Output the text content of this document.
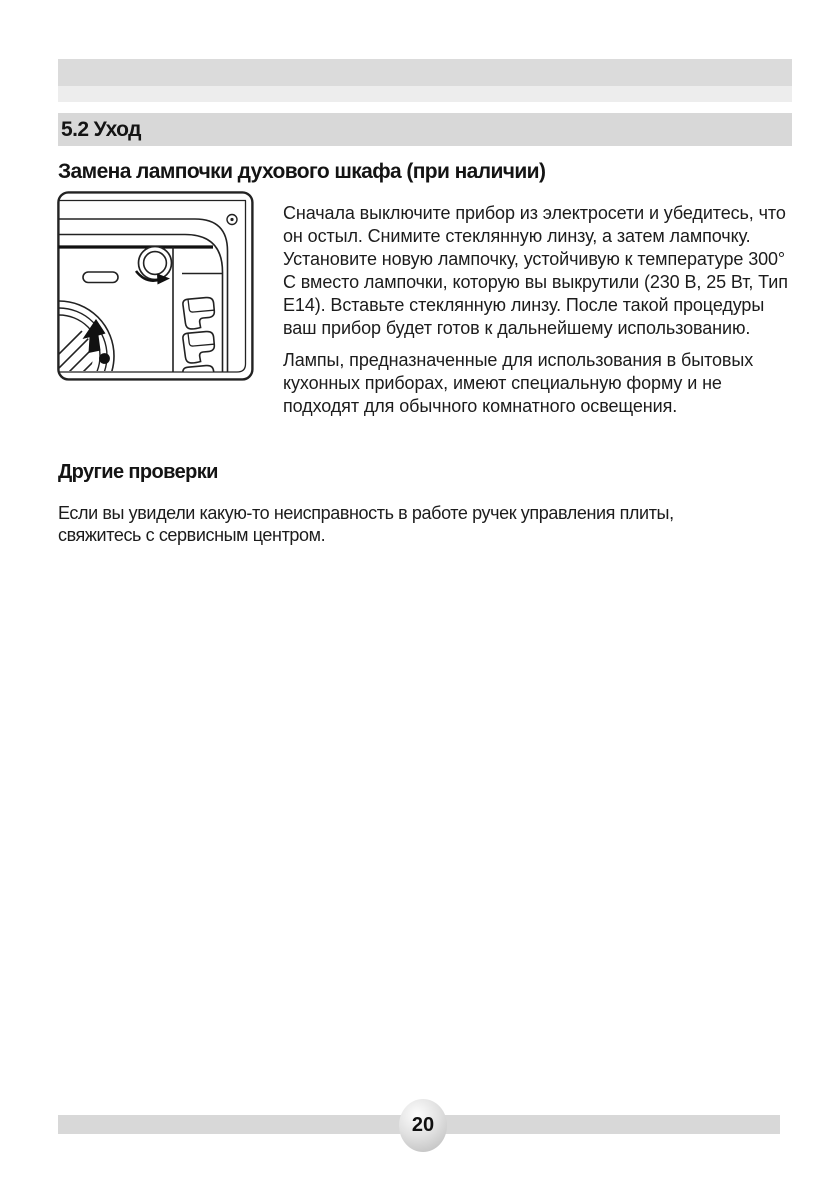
5.2 Уход
Замена лампочки духового шкафа (при наличии)

Сначала выключите прибор из электросети и убедитесь, что он остыл. Снимите стеклянную линзу, а затем лампочку. Установите новую лампочку, устойчивую к температуре 300° С вместо лампочки, которую вы выкрутили (230 В, 25 Вт, Тип Е14). Вставьте стеклянную линзу. После такой процедуры ваш прибор будет готов к дальнейшему использованию.

Лампы, предназначенные для использования в бытовых кухонных приборах, имеют специальную форму и не подходят для обычного комнатного освещения.

Другие проверки

Если вы увидели какую-то неисправность в работе ручек управления плиты, свяжитесь с сервисным центром.

20
